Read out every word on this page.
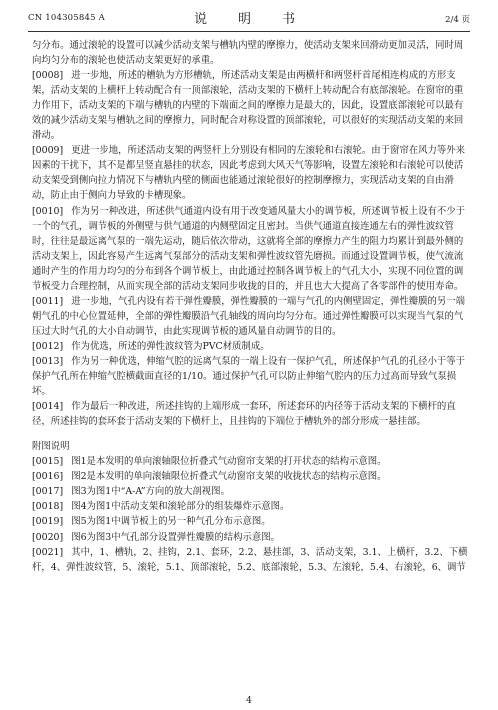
CN 104305845 A	说　明　书	2/4 页

匀分布。通过滚轮的设置可以减少活动支架与槽轨内壁的摩擦力，使活动支架来回滑动更加灵活，同时周向均匀分布的滚轮也使活动支架更好的承重。

[0008] 进一步地，所述的槽轨为方形槽轨，所述活动支架是由两横杆和两竖杆首尾相连构成的方形支架，活动支架的上横杆上转动配合有一顶部滚轮，活动支架的下横杆上转动配合有底部滚轮。在窗帘的重力作用下，活动支架的下端与槽轨的内壁的下端面之间的摩擦力是最大的，因此，设置底部滚轮可以最有效的减少活动支架与槽轨之间的摩擦力，同时配合对称设置的顶部滚轮，可以很好的实现活动支架的来回滑动。

[0009] 更进一步地，所述活动支架的两竖杆上分别设有相同的左滚轮和右滚轮。由于窗帘在风力等外来因素的干扰下，其不是都呈竖直悬挂的状态，因此考虑到大风天气等影响，设置左滚轮和右滚轮可以使活动支架受到侧向拉力情况下与槽轨内壁的侧面也能通过滚轮很好的控制摩擦力，实现活动支架的自由滑动，防止由于侧向力导致的卡槽现象。

[0010] 作为另一种改进，所述供气通道内设有用于改变通风量大小的调节板，所述调节板上设有不少于一个的气孔，调节板的外侧壁与供气通道的内侧壁固定且密封。当供气通道直接连通左右的弹性波纹管时，往往是最远离气泵的一端先运动，随后依次带动，这就将全部的摩擦力产生的阻力均累计到最外侧的活动支架上，因此容易产生远离气泵部分的活动支架和弹性波纹管先磨损。而通过设置调节板，使气流流通时产生的作用力均匀的分布到各个调节板上，由此通过控制各调节板上的气孔大小，实现不同位置的调节板受力合理控制，从而实现全部的活动支架同步收拢的目的，并且也大大提高了各零部件的使用寿命。

[0011] 进一步地，气孔内设有若干弹性瓣膜，弹性瓣膜的一端与气孔的内侧壁固定，弹性瓣膜的另一端朝气孔的中心位置延伸，全部的弹性瓣膜沿气孔轴线的周向均匀分布。通过弹性瓣膜可以实现当气泵的气压过大时气孔的大小自动调节，由此实现调节板的通风量自动调节的目的。

[0012] 作为优选，所述的弹性波纹管为PVC材质制成。

[0013] 作为另一种优选，伸缩气腔的远离气泵的一端上设有一保护气孔，所述保护气孔的孔径小于等于保护气孔所在伸缩气腔横截面直径的1/10。通过保护气孔可以防止伸缩气腔内的压力过高而导致气泵损坏。

[0014] 作为最后一种改进，所述挂钩的上端形成一套环，所述套环的内径等于活动支架的下横杆的直径，所述挂钩的套环套于活动支架的下横杆上，且挂钩的下端位于槽轨外的部分形成一悬挂部。

附图说明

[0015] 图1是本发明的单向滚轴限位折叠式气动窗帘支架的打开状态的结构示意图。

[0016] 图2是本发明的单向滚轴限位折叠式气动窗帘支架的收拢状态的结构示意图。

[0017] 图3为图1中“A-A”方向的放大剖视图。

[0018] 图4为图1中活动支架和滚轮部分的组装爆炸示意图。

[0019] 图5为图1中调节板上的另一种气孔分布示意图。

[0020] 图6为图3中气孔部分设置弹性瓣膜的结构示意图。

[0021] 其中，1、槽轨，2、挂钩，2.1、套环，2.2、悬挂部，3、活动支架，3.1、上横杆，3.2、下横杆，4、弹性波纹管，5、滚轮，5.1、顶部滚轮，5.2、底部滚轮，5.3、左滚轮，5.4、右滚轮，6、调节

4
